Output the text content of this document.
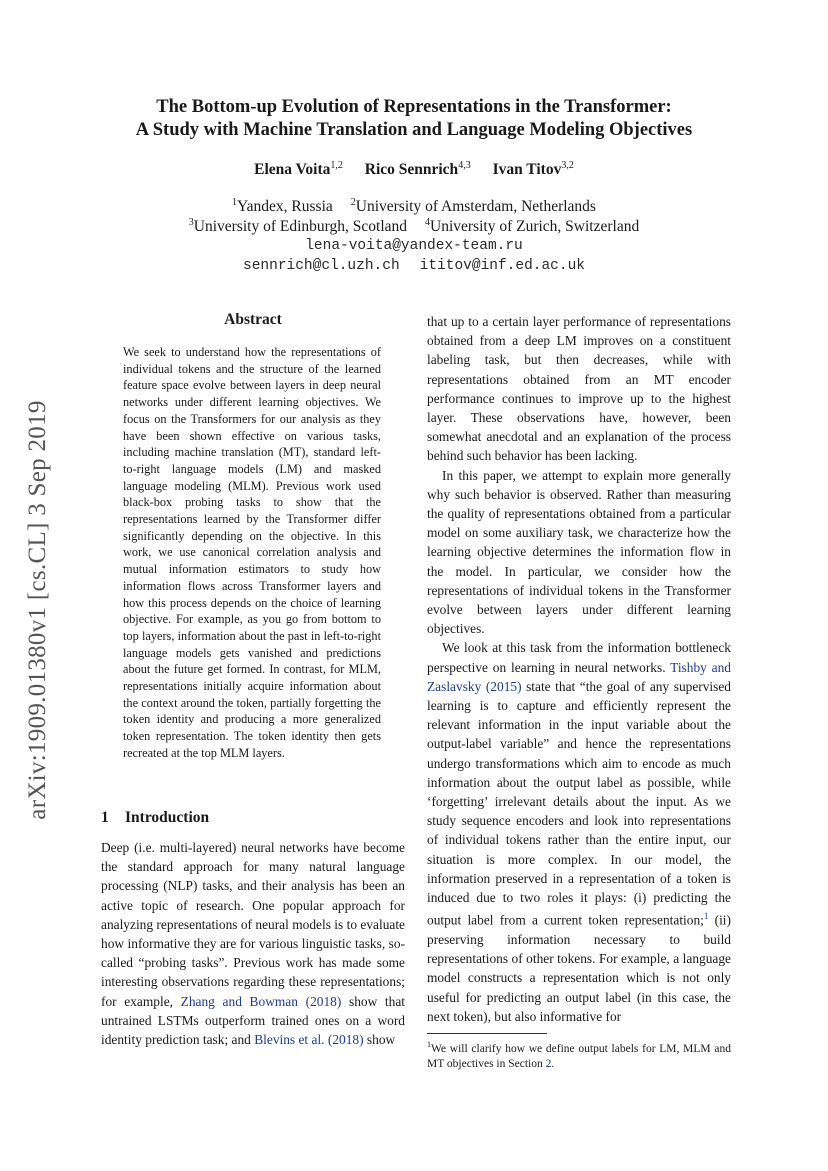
arXiv:1909.01380v1 [cs.CL] 3 Sep 2019
The Bottom-up Evolution of Representations in the Transformer:
A Study with Machine Translation and Language Modeling Objectives
Elena Voita$^{1,2}$ Rico Sennrich$^{4,3}$ Ivan Titov$^{3,2}$
$^1$Yandex, Russia $^2$University of Amsterdam, Netherlands
$^3$University of Edinburgh, Scotland $^4$University of Zurich, Switzerland
lena-voita@yandex-team.ru
sennrich@cl.uzh.ch ititov@inf.ed.ac.uk
Abstract
We seek to understand how the representations of individual tokens and the structure of the learned feature space evolve between layers in deep neural networks under different learning objectives. We focus on the Transformers for our analysis as they have been shown effective on various tasks, including machine translation (MT), standard left-to-right language models (LM) and masked language modeling (MLM). Previous work used black-box probing tasks to show that the representations learned by the Transformer differ significantly depending on the objective. In this work, we use canonical correlation analysis and mutual information estimators to study how information flows across Transformer layers and how this process depends on the choice of learning objective. For example, as you go from bottom to top layers, information about the past in left-to-right language models gets vanished and predictions about the future get formed. In contrast, for MLM, representations initially acquire information about the context around the token, partially forgetting the token identity and producing a more generalized token representation. The token identity then gets recreated at the top MLM layers.
1 Introduction
Deep (i.e. multi-layered) neural networks have become the standard approach for many natural language processing (NLP) tasks, and their analysis has been an active topic of research. One popular approach for analyzing representations of neural models is to evaluate how informative they are for various linguistic tasks, so-called “probing tasks”. Previous work has made some interesting observations regarding these representations; for example, Zhang and Bowman (2018) show that untrained LSTMs outperform trained ones on a word identity prediction task; and Blevins et al. (2018) show

that up to a certain layer performance of representations obtained from a deep LM improves on a constituent labeling task, but then decreases, while with representations obtained from an MT encoder performance continues to improve up to the highest layer. These observations have, however, been somewhat anecdotal and an explanation of the process behind such behavior has been lacking.

In this paper, we attempt to explain more generally why such behavior is observed. Rather than measuring the quality of representations obtained from a particular model on some auxiliary task, we characterize how the learning objective determines the information flow in the model. In particular, we consider how the representations of individual tokens in the Transformer evolve between layers under different learning objectives.

We look at this task from the information bottleneck perspective on learning in neural networks. Tishby and Zaslavsky (2015) state that “the goal of any supervised learning is to capture and efficiently represent the relevant information in the input variable about the output-label variable” and hence the representations undergo transformations which aim to encode as much information about the output label as possible, while ‘forgetting’ irrelevant details about the input. As we study sequence encoders and look into representations of individual tokens rather than the entire input, our situation is more complex. In our model, the information preserved in a representation of a token is induced due to two roles it plays: (i) predicting the output label from a current token representation;$^1$ (ii) preserving information necessary to build representations of other tokens. For example, a language model constructs a representation which is not only useful for predicting an output label (in this case, the next token), but also informative for

$^1$We will clarify how we define output labels for LM, MLM and MT objectives in Section 2.
